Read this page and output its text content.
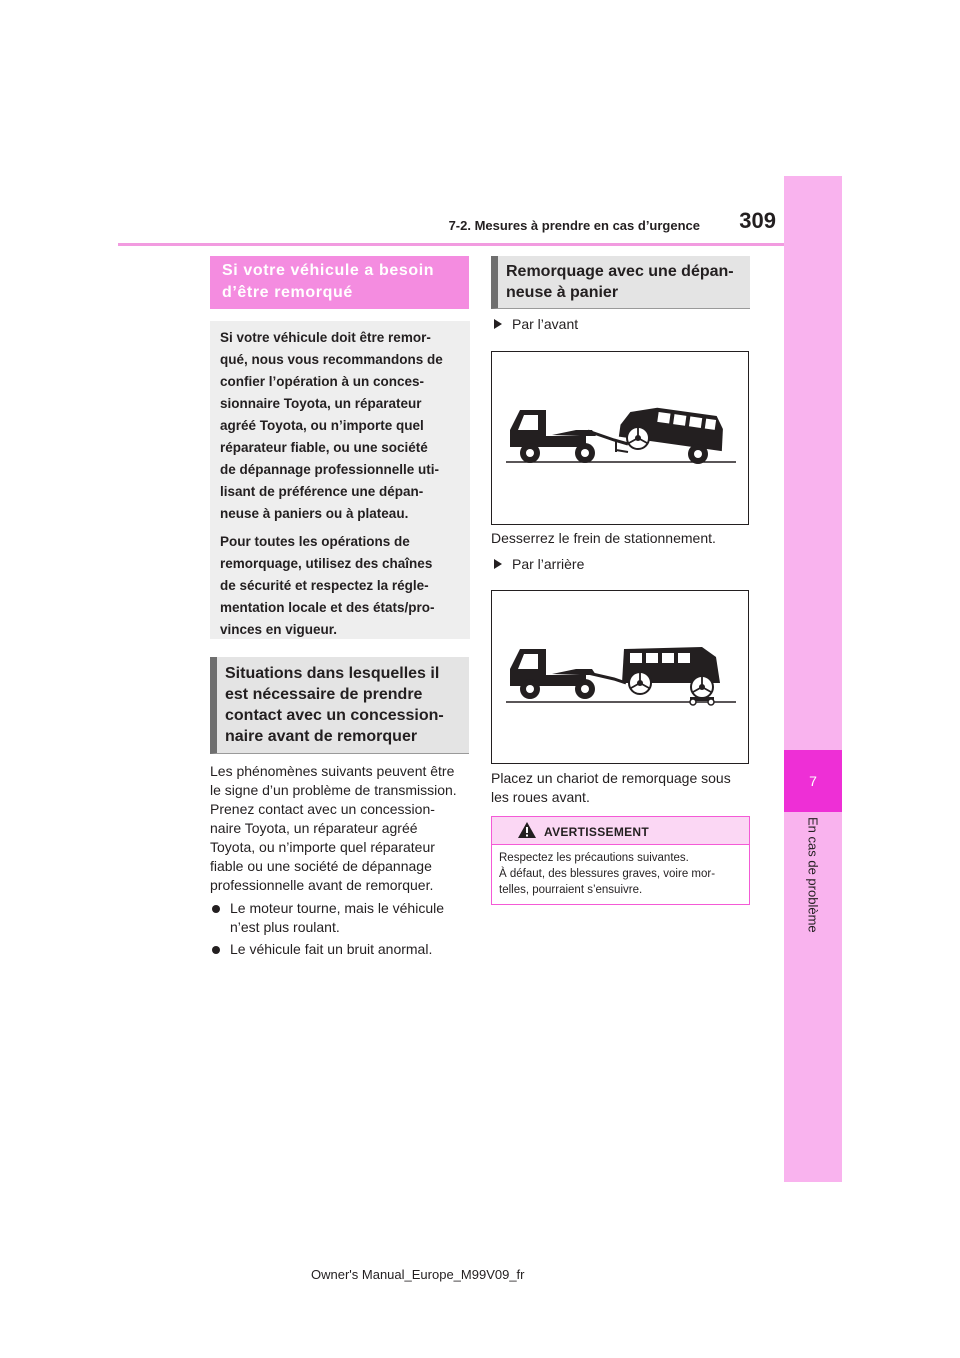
7
En cas de problème
7-2. Mesures à prendre en cas d’urgence	309
Si votre véhicule a besoin
d’être remorqué

Si votre véhicule doit être remor-
qué, nous vous recommandons de
confier l’opération à un conces-
sionnaire Toyota, un réparateur
agréé Toyota, ou n’importe quel
réparateur fiable, ou une société
de dépannage professionnelle uti-
lisant de préférence une dépan-
neuse à paniers ou à plateau.

Pour toutes les opérations de
remorquage, utilisez des chaînes
de sécurité et respectez la régle-
mentation locale et des états/pro-
vinces en vigueur.

Situations dans lesquelles il
est nécessaire de prendre
contact avec un concession-
naire avant de remorquer
Les phénomènes suivants peuvent être
le signe d’un problème de transmission.
Prenez contact avec un concession-
naire Toyota, un réparateur agréé
Toyota, ou n’importe quel réparateur
fiable ou une société de dépannage
professionnelle avant de remorquer.
Le moteur tourne, mais le véhicule
n’est plus roulant.
Le véhicule fait un bruit anormal.
Remorquage avec une dépan-
neuse à panier
Par l’avant
Desserrez le frein de stationnement.
Par l’arrière
Placez un chariot de remorquage sous
les roues avant.
AVERTISSEMENT
Respectez les précautions suivantes.
À défaut, des blessures graves, voire mor-
telles, pourraient s’ensuivre.
Owner's Manual_Europe_M99V09_fr
